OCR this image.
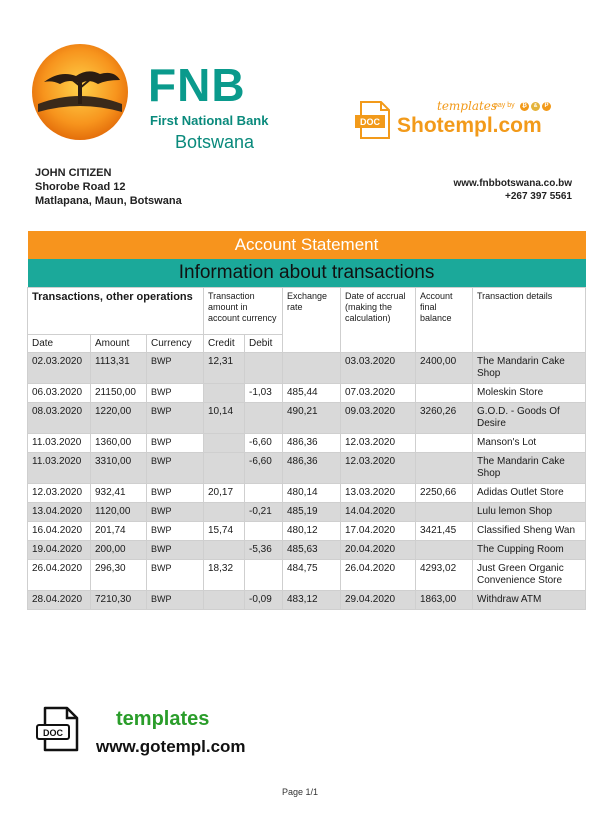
FNB
First National Bank
Botswana
DOC
templates
pay by	₿	&	P
Shotempl.com
JOHN CITIZEN
Shorobe Road 12
Matlapana, Maun, Botswana
www.fnbbotswana.co.bw
+267 397 5561
Account Statement								
Information about transactions								
Transactions, other operations			Transaction amount in account currency		Exchange rate	Date of accrual (making the calculation)	Account final balance	Transaction details
Date	Amount	Currency	Credit	Debit				
02.03.2020	1113,31	BWP	12,31			03.03.2020	2400,00	The Mandarin Cake Shop
06.03.2020	21150,00	BWP		-1,03	485,44	07.03.2020		Moleskin Store
08.03.2020	1220,00	BWP	10,14		490,21	09.03.2020	3260,26	G.O.D. - Goods Of Desire
11.03.2020	1360,00	BWP		-6,60	486,36	12.03.2020		Manson's Lot
11.03.2020	3310,00	BWP		-6,60	486,36	12.03.2020		The Mandarin Cake Shop
12.03.2020	932,41	BWP	20,17		480,14	13.03.2020	2250,66	Adidas Outlet Store
13.04.2020	1120,00	BWP		-0,21	485,19	14.04.2020		Lulu lemon Shop
16.04.2020	201,74	BWP	15,74		480,12	17.04.2020	3421,45	Classified Sheng Wan
19.04.2020	200,00	BWP		-5,36	485,63	20.04.2020		The Cupping Room
26.04.2020	296,30	BWP	18,32		484,75	26.04.2020	4293,02	Just Green Organic Convenience Store
28.04.2020	7210,30	BWP		-0,09	483,12	29.04.2020	1863,00	Withdraw ATM
DOC
templates
www.gotempl.com
Page 1/1
